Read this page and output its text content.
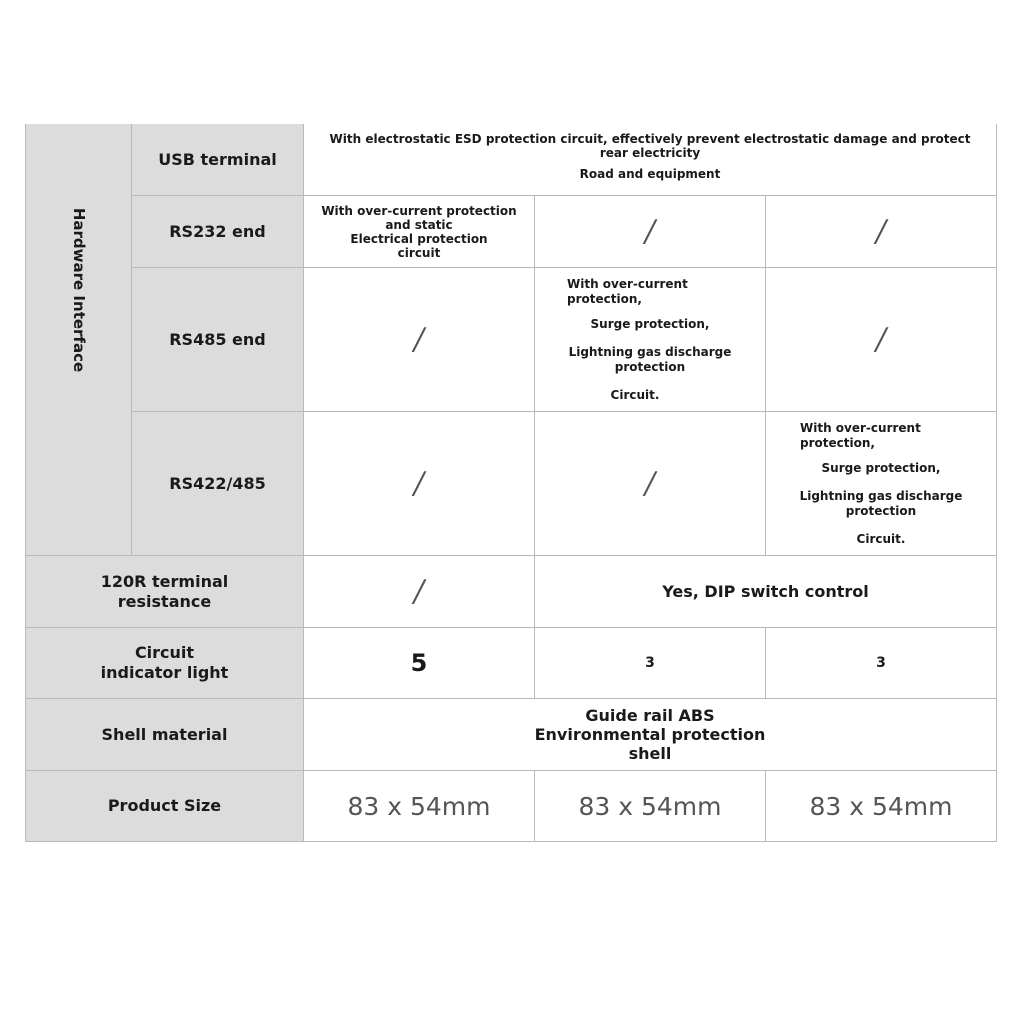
Hardware Interface	USB terminal	With electrostatic ESD protection circuit, effectively prevent electrostatic damage and protect rear electricity
Road and equipment		

	RS232 end	With over-current protection
and static
Electrical protection
circuit	/	/
	RS485 end	/	With over-current protection,
Surge protection,
Lightning gas discharge protection
Circuit.	/
	RS422/485	/	/	With over-current protection,
Surge protection,
Lightning gas discharge protection
Circuit.

120R terminal resistance		/	Yes, DIP switch control	
Circuit indicator light		5	3	3
Shell material		Guide rail ABS Environmental protection shell		
Product Size		83 x 54mm	83 x 54mm	83 x 54mm
